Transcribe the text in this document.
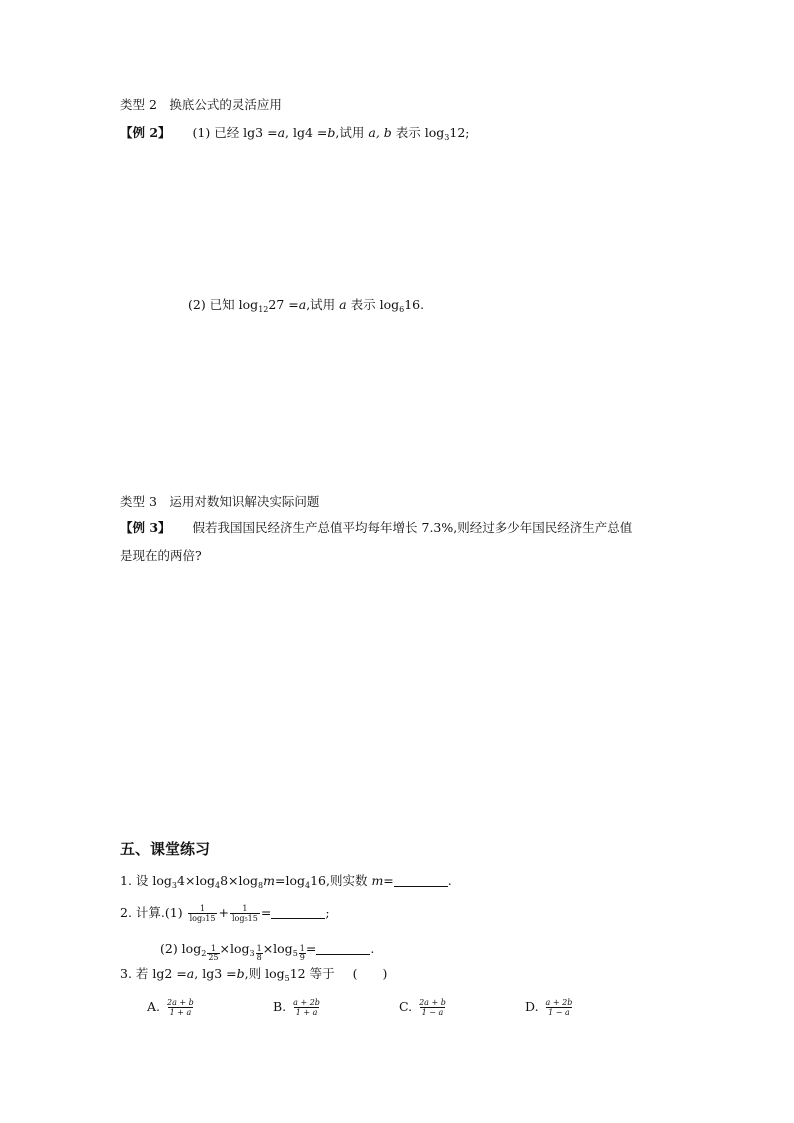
类型 2　换底公式的灵活应用
【例 2】 (1) 已经 lg3 =a, lg4 =b,试用 a, b 表示 $\log_312$;
(2) 已知 $\log_{12}27 =a$,试用 a 表示 $\log_616$.
类型 3　运用对数知识解决实际问题
【例 3】 假若我国国民经济生产总值平均每年增长 7.3%,则经过多少年国民经济生产总值
是现在的两倍?
五、课堂练习
1. 设 $\log_34\times\log_48\times\log_8m=\log_416$,则实数 m=	.
2. 计算$.(1) \frac{1}{\text{log₃15}} + \frac{1}{\text{log₅15}}$ =	;
(2) $\log_2 \frac{1}{25} \times\log_3 \frac{1}{8} \times\log_5 \frac{1}{9}$ =	.
3. 若 lg2 =a, lg3 =b,则 $\log_512$ 等于 (　　)
A. $\frac{2a + b}{1 + a}$	B. $\frac{a + 2b}{1 + a}$	C. $\frac{2a + b}{1 - a}$	D. $\frac{a + 2b}{1 - a}$
